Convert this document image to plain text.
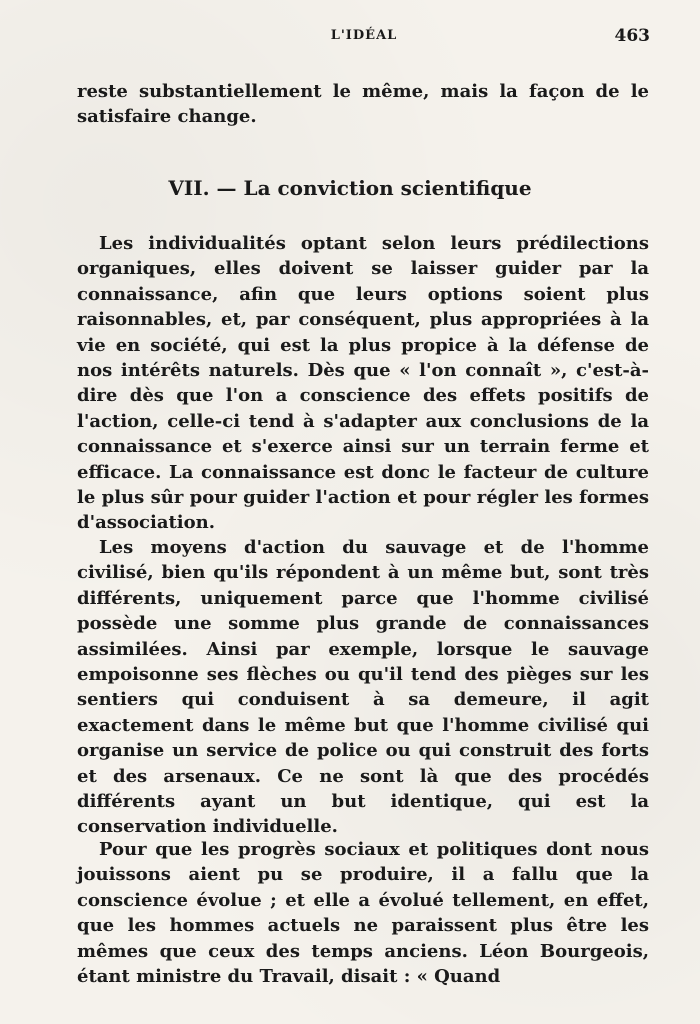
L'IDÉAL	463

reste substantiellement le même, mais la façon de le satisfaire change.

VII. — La conviction scientifique

Les individualités optant selon leurs prédilections organiques, elles doivent se laisser guider par la connaissance, afin que leurs options soient plus raisonnables, et, par conséquent, plus appropriées à la vie en société, qui est la plus propice à la défense de nos intérêts naturels. Dès que « l'on connaît », c'est-à-dire dès que l'on a conscience des effets positifs de l'action, celle-ci tend à s'adapter aux conclusions de la connaissance et s'exerce ainsi sur un terrain ferme et efficace. La connaissance est donc le facteur de culture le plus sûr pour guider l'action et pour régler les formes d'association.

Les moyens d'action du sauvage et de l'homme civilisé, bien qu'ils répondent à un même but, sont très différents, uniquement parce que l'homme civilisé possède une somme plus grande de connaissances assimilées. Ainsi par exemple, lorsque le sauvage empoisonne ses flèches ou qu'il tend des pièges sur les sentiers qui conduisent à sa demeure, il agit exactement dans le même but que l'homme civilisé qui organise un service de police ou qui construit des forts et des arsenaux. Ce ne sont là que des procédés différents ayant un but identique, qui est la conservation individuelle.

Pour que les progrès sociaux et politiques dont nous jouissons aient pu se produire, il a fallu que la conscience évolue ; et elle a évolué tellement, en effet, que les hommes actuels ne paraissent plus être les mêmes que ceux des temps anciens. Léon Bourgeois, étant ministre du Travail, disait : « Quand
